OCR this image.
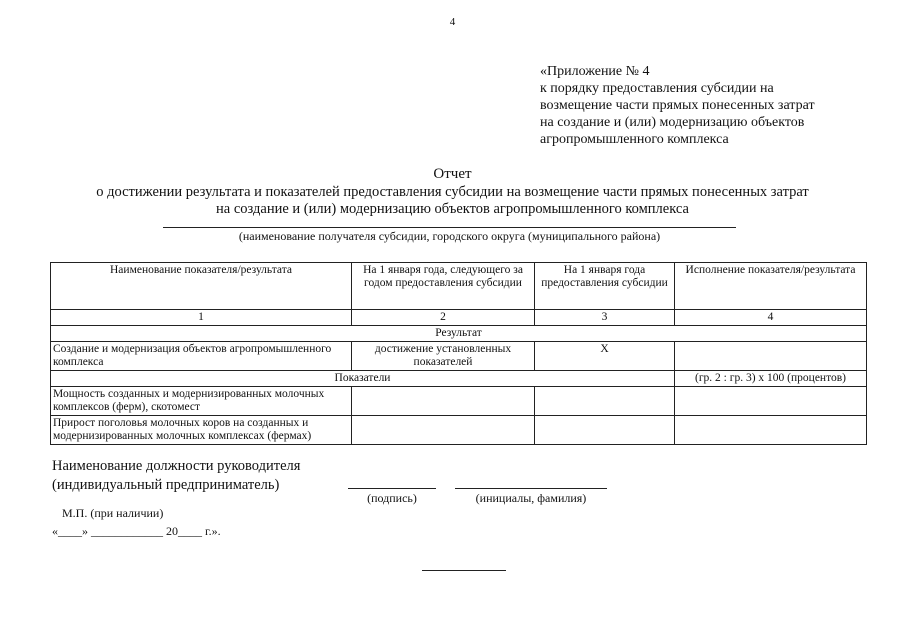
4
«Приложение № 4
к порядку предоставления субсидии на
возмещение части прямых понесенных затрат
на создание и (или) модернизацию объектов
агропромышленного комплекса
Отчет
о достижении результата и показателей предоставления субсидии на возмещение части прямых понесенных затрат
на создание и (или) модернизацию объектов агропромышленного комплекса
(наименование получателя субсидии, городского округа (муниципального района)
Наименование показателя/результата	На 1 января года, следующего за годом предоставления субсидии	На 1 января года предоставления субсидии	Исполнение показателя/результата
1	2	3	4
Результат			
Создание и модернизация объектов агропромышленного комплекса	достижение установленных показателей	Х	
Показатели			(гр. 2 : гр. 3) х 100 (процентов)
Мощность созданных и модернизированных молочных комплексов (ферм), скотомест			
Прирост поголовья молочных коров на созданных и модернизированных молочных комплексах (фермах)			
Наименование должности руководителя
(индивидуальный предприниматель)
(подпись)	(инициалы, фамилия)
М.П. (при наличии)
«____» ____________ 20____ г.».
